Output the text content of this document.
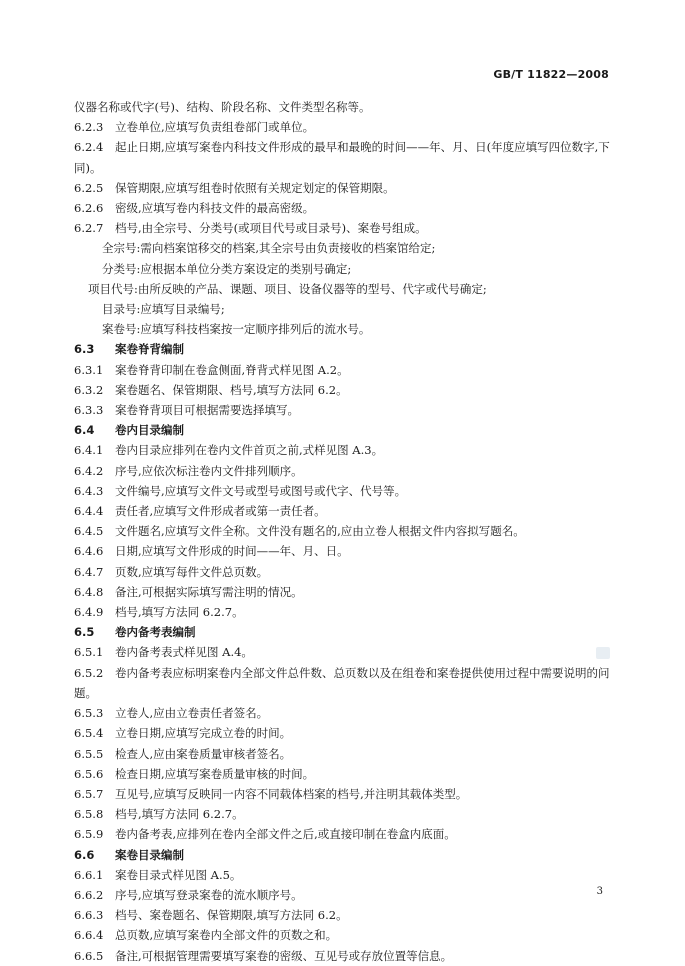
GB/T 11822—2008
仪器名称或代字(号)、结构、阶段名称、文件类型名称等。
6.2.3 立卷单位,应填写负责组卷部门或单位。
6.2.4 起止日期,应填写案卷内科技文件形成的最早和最晚的时间——年、月、日(年度应填写四位数字,下同)。
6.2.5 保管期限,应填写组卷时依照有关规定划定的保管期限。
6.2.6 密级,应填写卷内科技文件的最高密级。
6.2.7 档号,由全宗号、分类号(或项目代号或目录号)、案卷号组成。
全宗号:需向档案馆移交的档案,其全宗号由负责接收的档案馆给定;
分类号:应根据本单位分类方案设定的类别号确定;
项目代号:由所反映的产品、课题、项目、设备仪器等的型号、代字或代号确定;
目录号:应填写目录编号;
案卷号:应填写科技档案按一定顺序排列后的流水号。
6.3 案卷脊背编制
6.3.1 案卷脊背印制在卷盒侧面,脊背式样见图 A.2。
6.3.2 案卷题名、保管期限、档号,填写方法同 6.2。
6.3.3 案卷脊背项目可根据需要选择填写。
6.4 卷内目录编制
6.4.1 卷内目录应排列在卷内文件首页之前,式样见图 A.3。
6.4.2 序号,应依次标注卷内文件排列顺序。
6.4.3 文件编号,应填写文件文号或型号或图号或代字、代号等。
6.4.4 责任者,应填写文件形成者或第一责任者。
6.4.5 文件题名,应填写文件全称。文件没有题名的,应由立卷人根据文件内容拟写题名。
6.4.6 日期,应填写文件形成的时间——年、月、日。
6.4.7 页数,应填写每件文件总页数。
6.4.8 备注,可根据实际填写需注明的情况。
6.4.9 档号,填写方法同 6.2.7。
6.5 卷内备考表编制
6.5.1 卷内备考表式样见图 A.4。
6.5.2 卷内备考表应标明案卷内全部文件总件数、总页数以及在组卷和案卷提供使用过程中需要说明的问题。
6.5.3 立卷人,应由立卷责任者签名。
6.5.4 立卷日期,应填写完成立卷的时间。
6.5.5 检查人,应由案卷质量审核者签名。
6.5.6 检查日期,应填写案卷质量审核的时间。
6.5.7 互见号,应填写反映同一内容不同载体档案的档号,并注明其载体类型。
6.5.8 档号,填写方法同 6.2.7。
6.5.9 卷内备考表,应排列在卷内全部文件之后,或直接印制在卷盒内底面。
6.6 案卷目录编制
6.6.1 案卷目录式样见图 A.5。
6.6.2 序号,应填写登录案卷的流水顺序号。
6.6.3 档号、案卷题名、保管期限,填写方法同 6.2。
6.6.4 总页数,应填写案卷内全部文件的页数之和。
6.6.5 备注,可根据管理需要填写案卷的密级、互见号或存放位置等信息。
3
